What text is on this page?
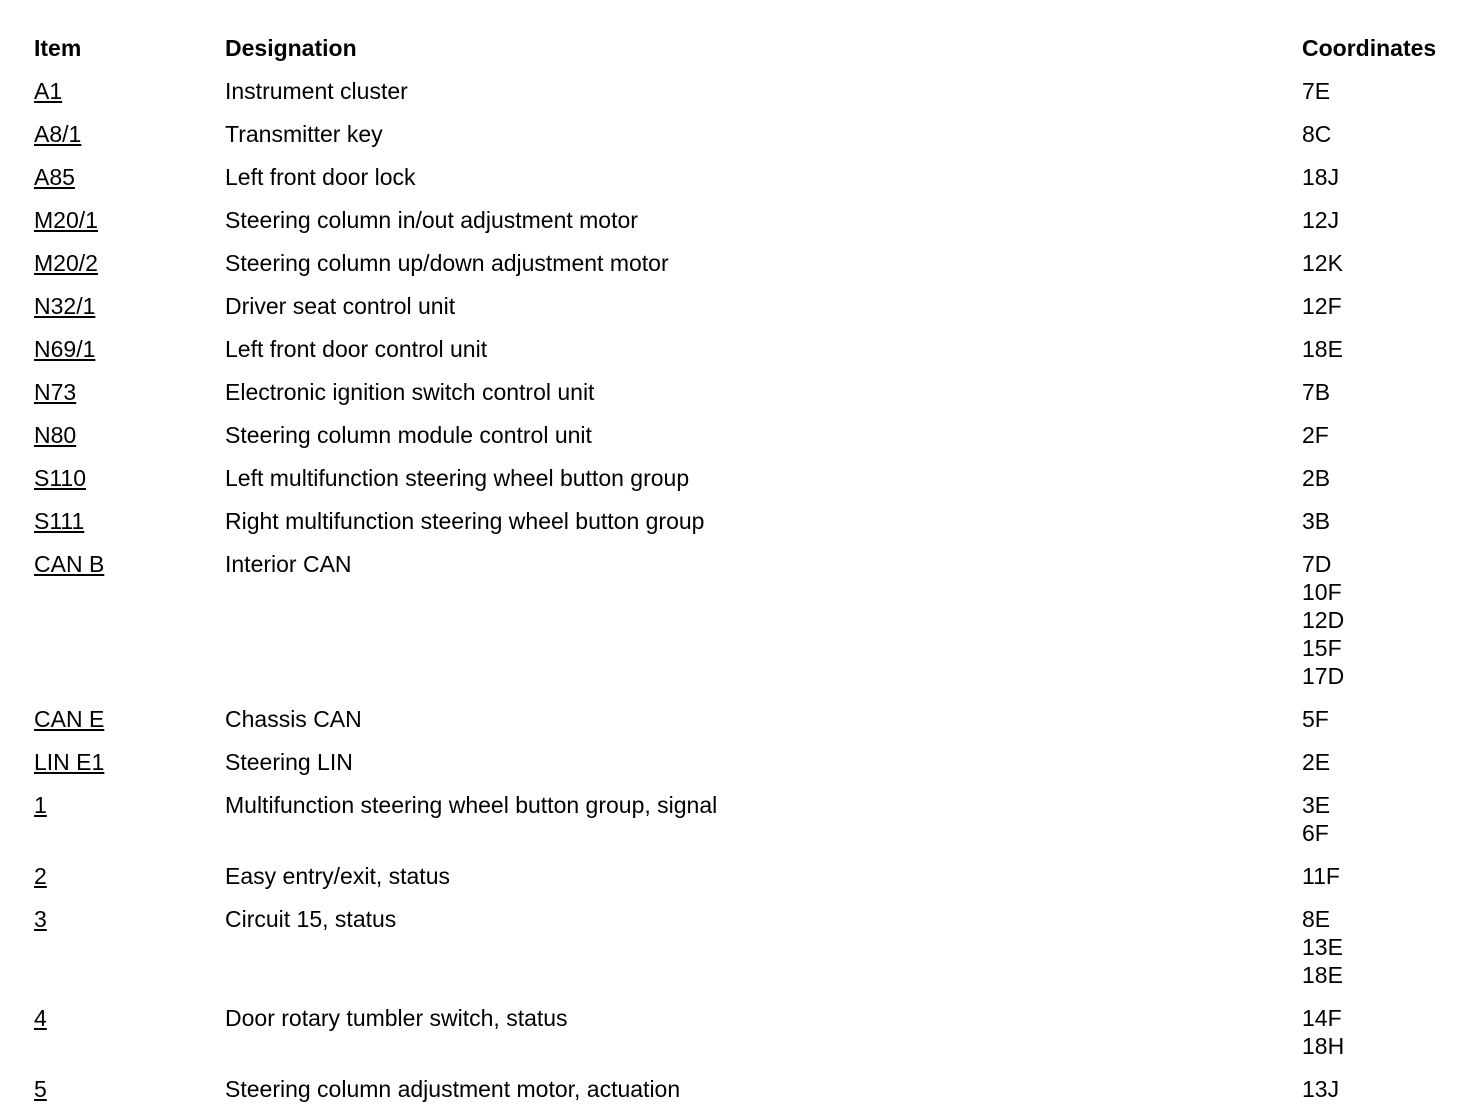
Item	Designation	Coordinates
A1	Instrument cluster	7E
A8/1	Transmitter key	8C
A85	Left front door lock	18J
M20/1	Steering column in/out adjustment motor	12J
M20/2	Steering column up/down adjustment motor	12K
N32/1	Driver seat control unit	12F
N69/1	Left front door control unit	18E
N73	Electronic ignition switch control unit	7B
N80	Steering column module control unit	2F
S110	Left multifunction steering wheel button group	2B
S111	Right multifunction steering wheel button group	3B
CAN B	Interior CAN	7D
10F
12D
15F
17D
CAN E	Chassis CAN	5F
LIN E1	Steering LIN	2E
1	Multifunction steering wheel button group, signal	3E
6F
2	Easy entry/exit, status	11F
3	Circuit 15, status	8E
13E
18E
4	Door rotary tumbler switch, status	14F
18H
5	Steering column adjustment motor, actuation	13J
